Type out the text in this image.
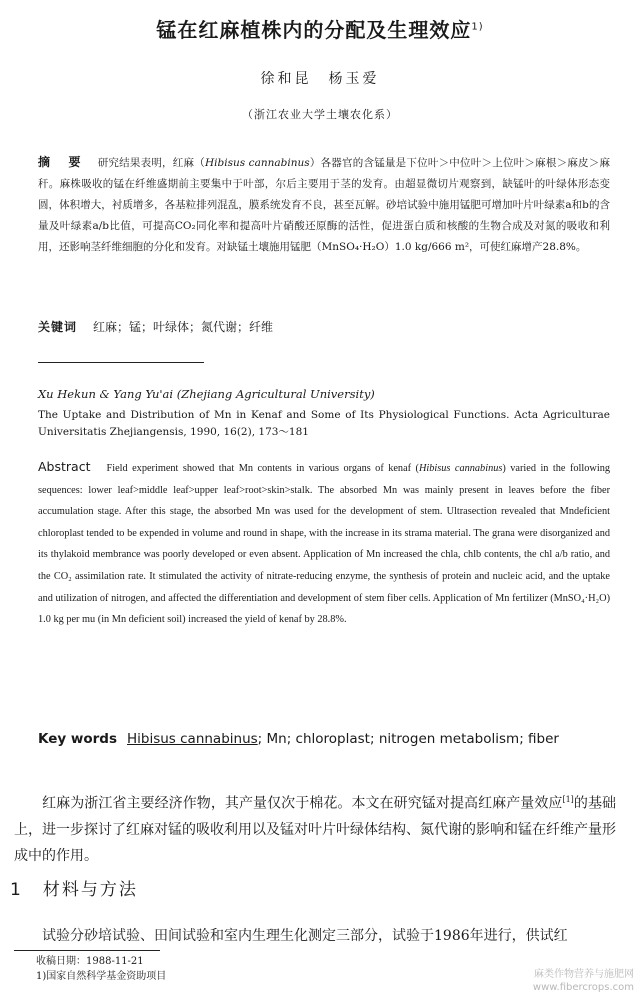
锰在红麻植株内的分配及生理效应$^{1)}$
徐和昆　杨玉爱
（浙江农业大学土壤农化系）
摘　要 研究结果表明，红麻（Hibisus cannabinus）各器官的含锰量是下位叶＞中位叶＞上位叶＞麻根＞麻皮＞麻秆。麻株吸收的锰在纤维盛期前主要集中于叶部，尔后主要用于茎的发育。由超显微切片观察到，缺锰叶的叶绿体形态变圆，体积增大，衬质增多，各基粒排列混乱，膜系统发育不良，甚至瓦解。砂培试验中施用锰肥可增加叶片叶绿素a和b的含量及叶绿素a/b比值，可提高CO₂同化率和提高叶片硝酸还原酶的活性，促进蛋白质和核酸的生物合成及对氮的吸收和利用，还影响茎纤维细胞的分化和发育。对缺锰土壤施用锰肥（MnSO₄·H₂O）1.0 kg/666 m²，可使红麻增产28.8%。
关键词 红麻；锰；叶绿体；氮代谢；纤维
Xu Hekun & Yang Yu'ai (Zhejiang Agricultural University)
The Uptake and Distribution of Mn in Kenaf and Some of Its Physiological Functions. Acta Agriculturae Universitatis Zhejiangensis, 1990, 16(2), 173～181
Abstract Field experiment showed that Mn contents in various organs of kenaf (Hibisus cannabinus) varied in the following sequences: lower leaf>middle leaf>upper leaf>root>skin>stalk. The absorbed Mn was mainly present in leaves before the fiber accumulation stage. After this stage, the absorbed Mn was used for the development of stem. Ultrasection revealed that Mndeficient chloroplast tended to be expended in volume and round in shape, with the increase in its strama material. The grana were disorganized and its thylakoid membrance was poorly developed or even absent. Application of Mn increased the chla, chlb contents, the chl a/b ratio, and the CO₂ assimilation rate. It stimulated the activity of nitrate-reducing enzyme, the synthesis of protein and nucleic acid, and the uptake and utilization of nitrogen, and affected the differentiation and development of stem fiber cells. Application of Mn fertilizer (MnSO₄·H₂O) 1.0 kg per mu (in Mn deficient soil) increased the yield of kenaf by 28.8%.
Key words Hibisus cannabinus; Mn; chloroplast; nitrogen metabolism; fiber
红麻为浙江省主要经济作物，其产量仅次于棉花。本文在研究锰对提高红麻产量效应[1]的基础上，进一步探讨了红麻对锰的吸收利用以及锰对叶片叶绿体结构、氮代谢的影响和锰在纤维产量形成中的作用。
1 材料与方法
试验分砂培试验、田间试验和室内生理生化测定三部分，试验于1986年进行，供试红
收稿日期：1988-11-21
1)国家自然科学基金资助项目	麻类作物营养与施肥网
www.fibercrops.com
